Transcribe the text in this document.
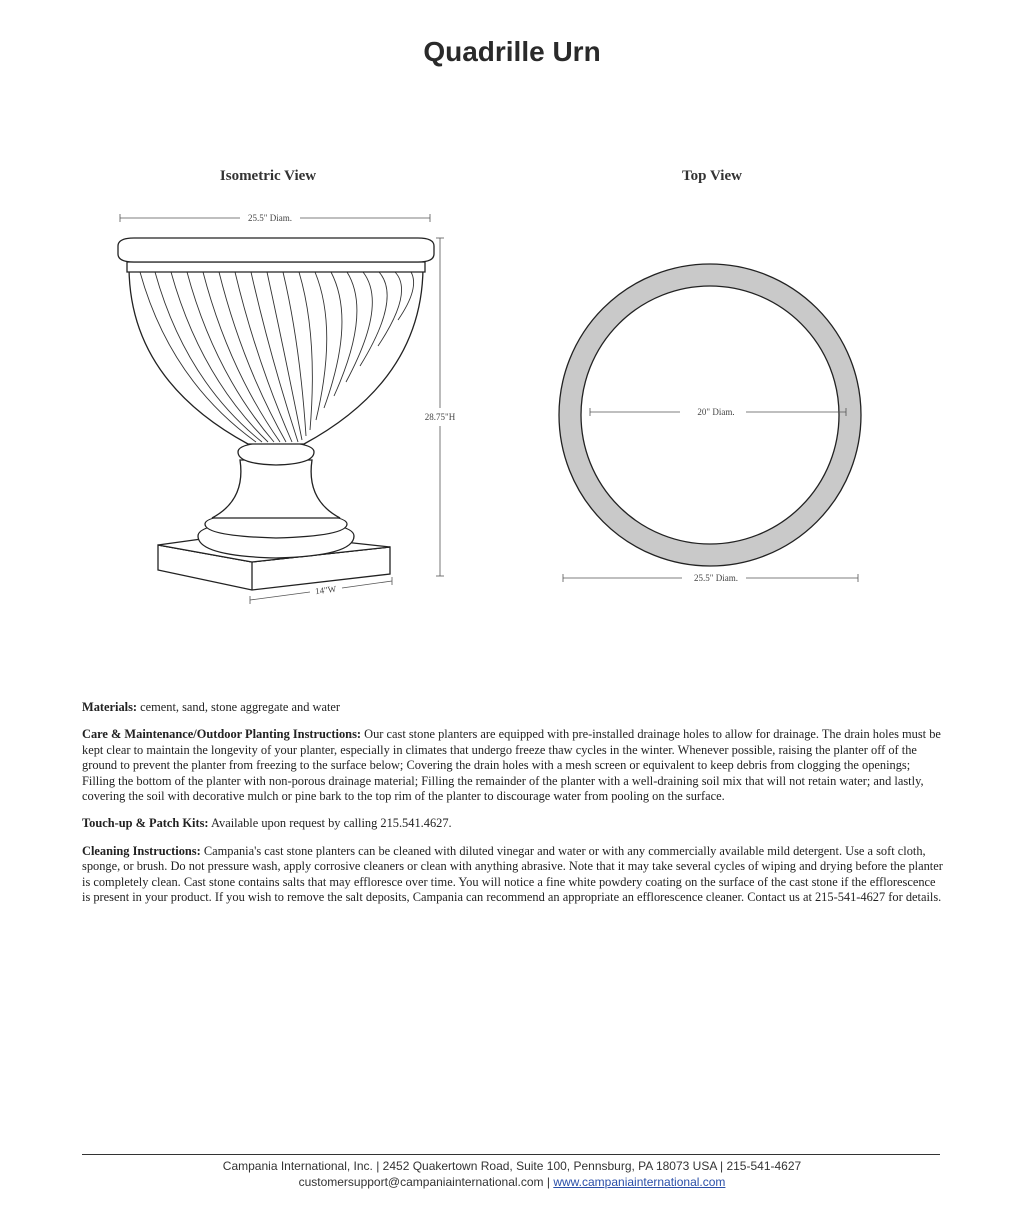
Quadrille Urn
Isometric View	Top View
25.5" Diam.
28.75"H
14"W
20" Diam.
25.5" Diam.

Materials: cement, sand, stone aggregate and water

Care & Maintenance/Outdoor Planting Instructions: Our cast stone planters are equipped with pre-installed drainage holes to allow for drainage. The drain holes must be kept clear to maintain the longevity of your planter, especially in climates that undergo freeze thaw cycles in the winter. Whenever possible, raising the planter off of the ground to prevent the planter from freezing to the surface below; Covering the drain holes with a mesh screen or equivalent to keep debris from clogging the openings; Filling the bottom of the planter with non-porous drainage material; Filling the remainder of the planter with a well-draining soil mix that will not retain water; and lastly, covering the soil with decorative mulch or pine bark to the top rim of the planter to discourage water from pooling on the surface.

Touch-up & Patch Kits: Available upon request by calling 215.541.4627.

Cleaning Instructions: Campania's cast stone planters can be cleaned with diluted vinegar and water or with any commercially available mild detergent. Use a soft cloth, sponge, or brush. Do not pressure wash, apply corrosive cleaners or clean with anything abrasive. Note that it may take several cycles of wiping and drying before the planter is completely clean. Cast stone contains salts that may effloresce over time. You will notice a fine white powdery coating on the surface of the cast stone if the efflorescence is present in your product. If you wish to remove the salt deposits, Campania can recommend an appropriate an efflorescence cleaner. Contact us at 215-541-4627 for details.

Campania International, Inc. | 2452 Quakertown Road, Suite 100, Pennsburg, PA 18073 USA | 215-541-4627
customersupport@campaniainternational.com | www.campaniainternational.com
